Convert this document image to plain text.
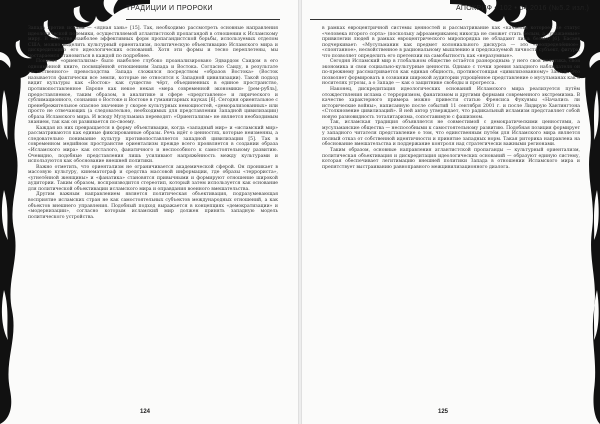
ТРАДИЦИИ И ПРОРОКИ

Запада против ислама — «ядная хань» [15]. Так, необходимо рассмотреть основные направления идеологической полемики, осуществляемой атлантистской пропагандой в отношении к Исламскому миру. В качестве наиболее эффективных форм пропагандистской борьбы, используемых отделом США, можно выделить культурный ориентализм, политическую объективацию Исламского мира и дискредитацию его идеологических оснований. Хотя эти формы и тесно переплетены, мы постараемся становиться в каждой по подробнее.

Понятие «ориентализм» было наиболее глубоко проанализировано Эдвардом Саидом в его одноимённой книге, посвящённой отношениям Запада и Востока. Согласно Саиду, в результате «естественного» превосходства Запада сложился посредством «образов Востока» (Восток называется фактически все земли, которые не относятся к Западной цивилизации). Такой подход видит культуры как «Восток» как существо чёрт, объединенных в единое пространство, противопоставленное Европе как некое некая «мера современной экономики» [рем-рубль], предоставляемое, таким образом, в аналитике и сфере «представлено» и лирического и сублимационного, сознании о Востоке и Востоке в гуманитарных науках [6]. Сегодня ориентальное с пренебрежительное опасное значение у скорее культурных немощностей, «деморализованных» или просто не отвечающих (а следовательно, необходимых для представлении Западной цивилизации) образа Исламского мира. И всюду Музульмана переводят: «Ориентализм» не является необходимым знанием, так как он развивается по-своему.

Каждая из них превращается в форму объективации, когда «западный мир» и «исламский мир» рассматриваются как единые фиксированные образы. Речь идёт о ценностях, которые неизменны, а следовательно понимание культур противопоставляется западной цивилизации [5]. Так в современном медийном пространстве ориентализм прежде всего проявляется в создании образа «Исламского мира» как отсталого, фанатичного и неспособного к самостоятельному развитию. Очевидно, подобные представления лишь усиливают напряжённость между культурами и используются как обоснование внешней политики.

Важно отметить, что ориентализм не ограничивается академической сферой. Он проникает в массовую культуру, кинематограф и средства массовой информации, где образы «террориста», «угнетённой женщины» и «фанатика» становятся привычными и формируют отношение широкой аудитории. Таким образом, воспроизводится стереотип, который затем используется как основание для политической объективации исламского мира и оправдания военного вмешательства.

Другим важным направлением является политическая объективация, подразумевающая восприятие исламских стран не как самостоятельных субъектов международных отношений, а как объектов внешнего управления. Подобный подход выражается в концепциях «демократизации» и «модернизации», согласно которым исламский мир должен принять западную модель политического устройства.

124
АПОКРИФ • 102 • 04.2016 (№5.2 изл.)

в рамках евроцентричной системы ценностей и рассматривание как «качества которое» не статус «человека второго сорта» (поскольку афроамериканец никогда не сможет стать белым, а «уважаемые» привилегии людей в рамках евроцентрического миропорядка не обладают лишь белые) [6]. Басаев подчеркивает: «Мусульманин как предмет колониального дискурса — это «неопределённое», «спонтанное», несвойственное в рациональному мышлению и предсказуемой личности субъект, фигура, что позволяет определить его претензии на самобытность как «неразумные».

Сегодня Исламский мир в глобальном обществе остаётся разнородным: у него своя политика, своя экономика и свои социально-культурные ценности. Однако с точки зрения западного наблюдателя он по-прежнему рассматривается как единая общность, противостоящая «цивилизованному» Западу. Это позволяет формировать в сознании широкой аудитории упрощённое представление о мусульманах как о носителях угрозы, а о Западе — как о защитнике свободы и прогресса.

Наконец, дискредитация идеологических оснований Исламского мира реализуется путём отождествления ислама с терроризмом, фанатизмом и другими формами современного экстремизма. В качестве характерного примера можно привести статью Френсиса Фукуямы «Начались ли исторические войны», написанную после событий 11 сентября 2001 г. и после Лидирую Хантингтона «Столкновение цивилизаций». В ней автор утверждает, что радикальный исламизм представляет собой новую разновидность тоталитаризма, сопоставимую с фашизмом.

Так, исламская традиция объявляется не совместимой с демократическими ценностями, а мусульманские общества — неспособными к самостоятельному развитию. Подобная позиция формирует у западного читателя представление о том, что единственным путём для Исламского мира является полный отказ от собственной идентичности и принятие западных норм. Такая риторика направлена на обоснование вмешательства и поддержание контроля над стратегически важными регионами.

Таким образом, основные направления атлантистской пропаганды — культурный ориентализм, политическая объективация и дискредитация идеологических оснований — образуют единую систему, которая обеспечивает легитимацию внешней политики Запада в отношении Исламского мира и препятствует выстраиванию равноправного межцивилизационного диалога.

125
